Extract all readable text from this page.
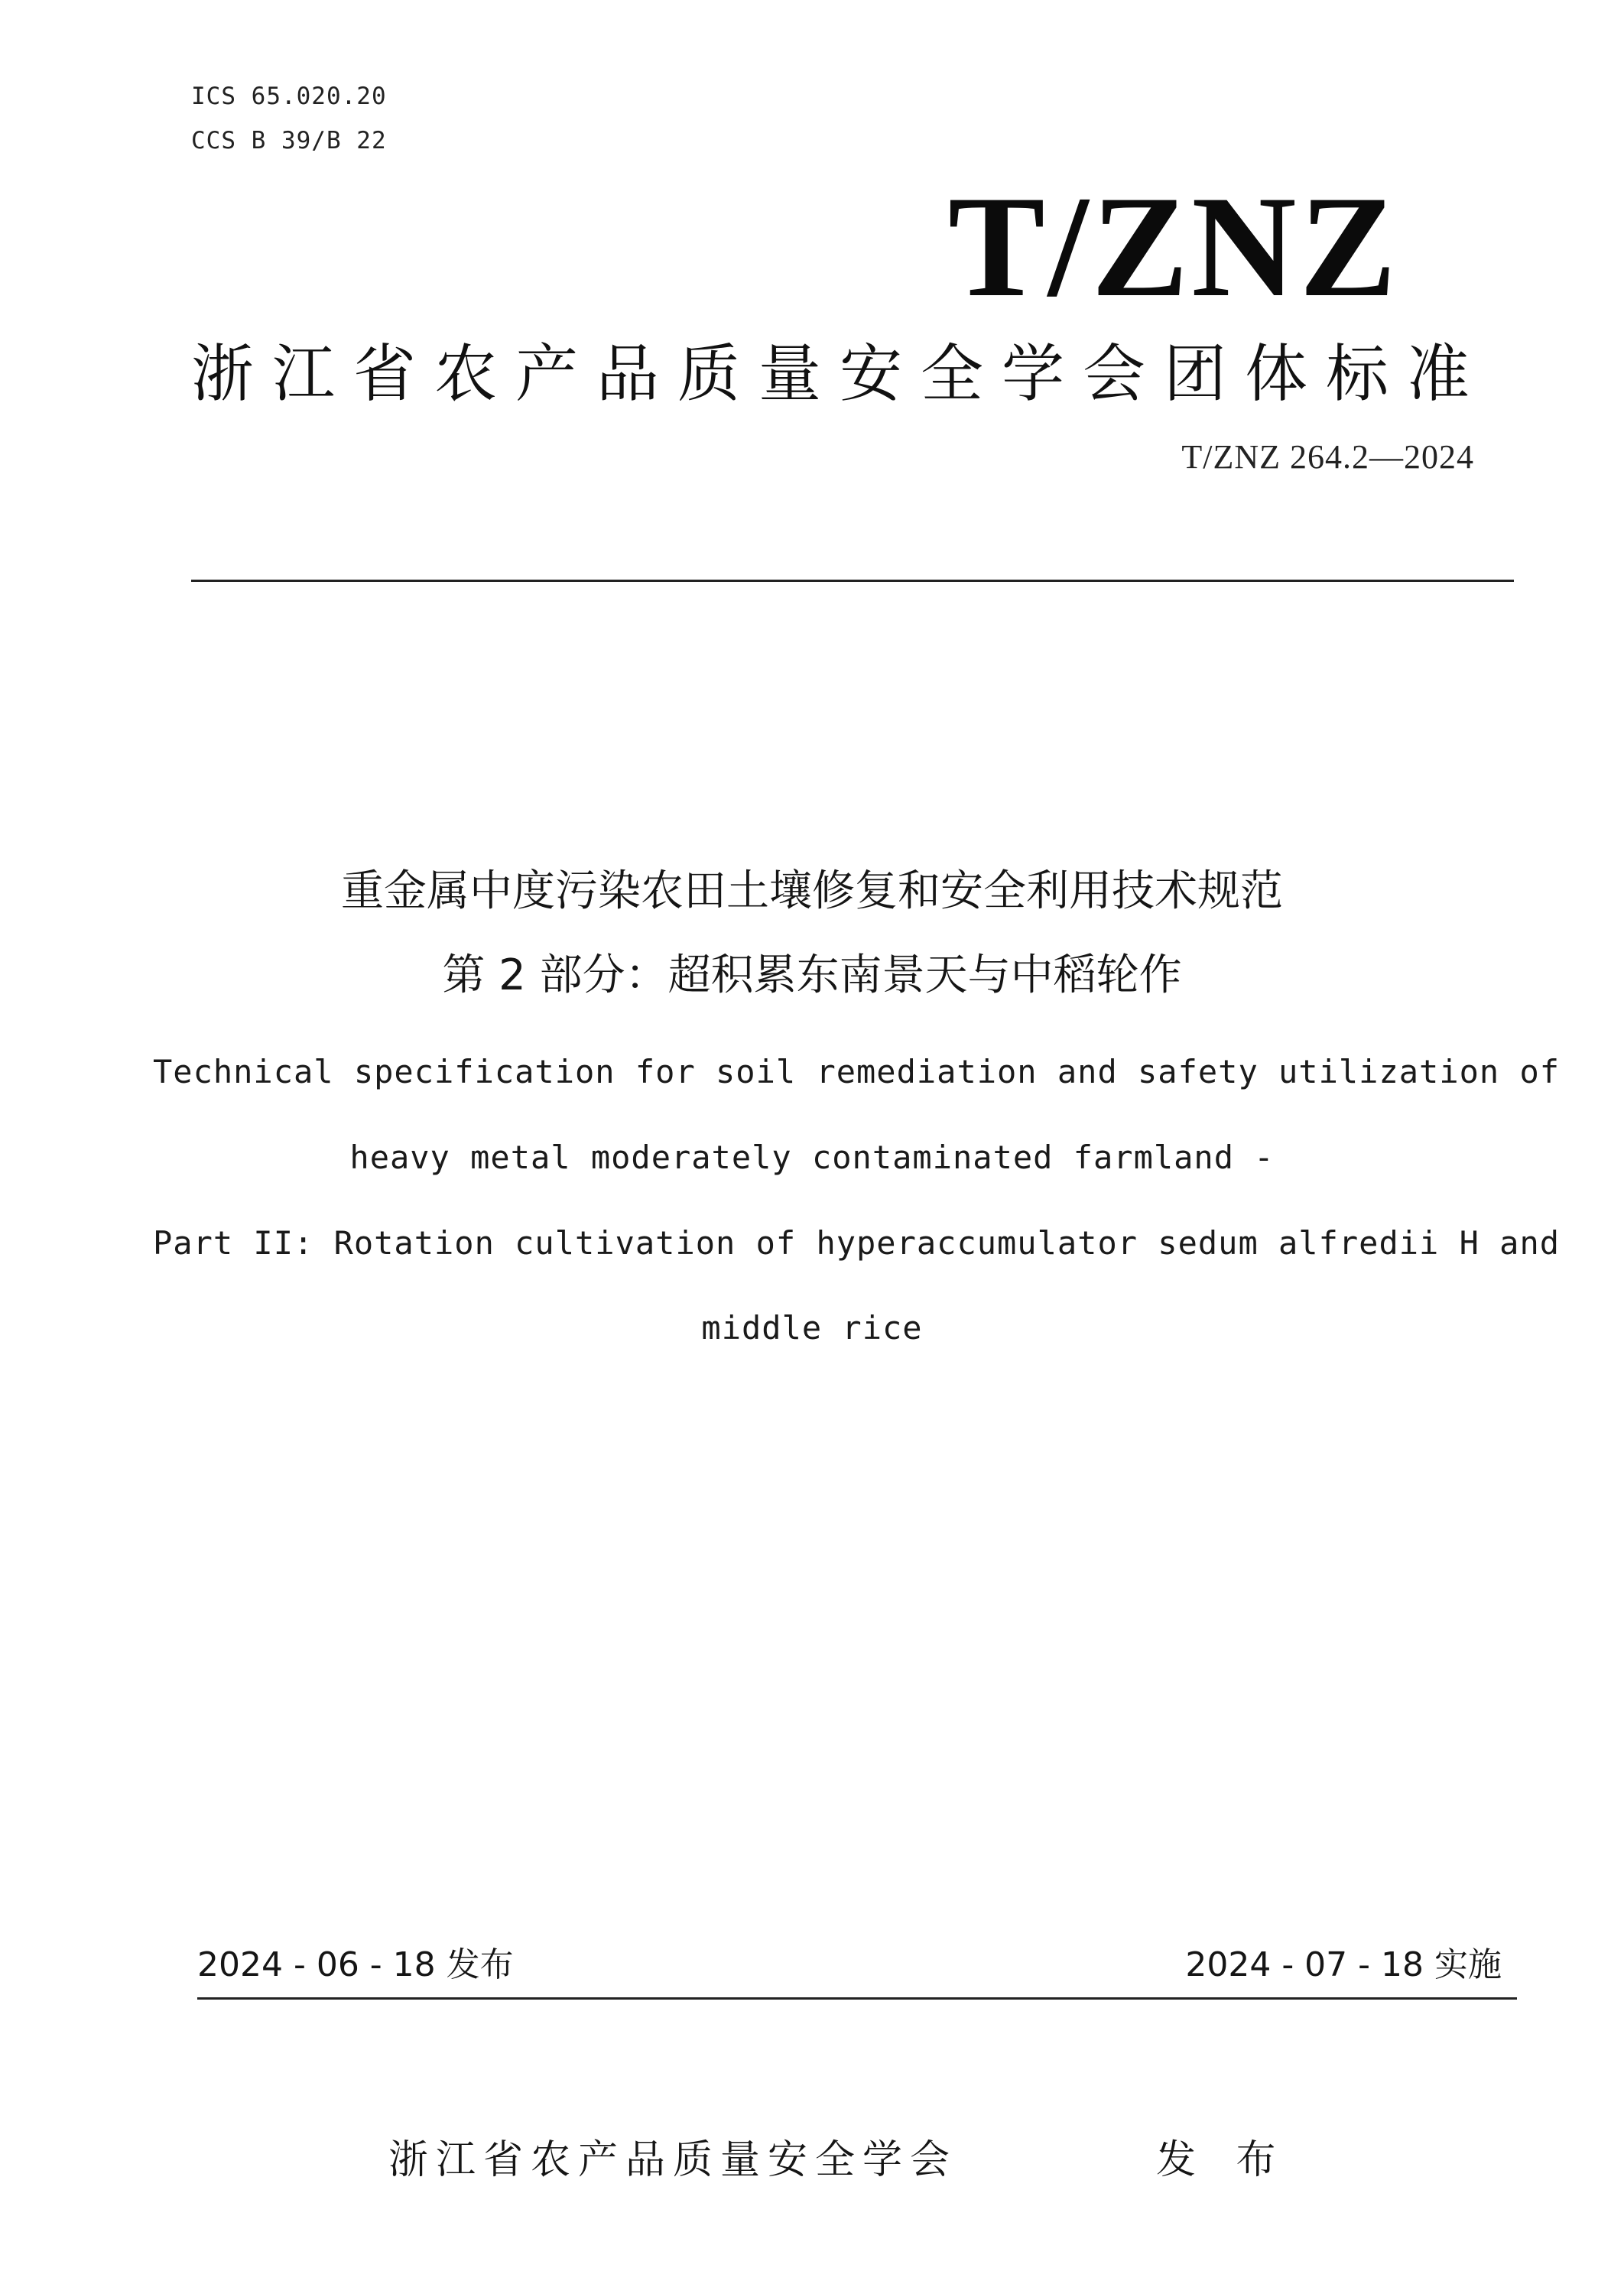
ICS 65.020.20
CCS B 39/B 22
T/ZNZ
浙江省农产品质量安全学会团体标准
T/ZNZ 264.2—2024
重金属中度污染农田土壤修复和安全利用技术规范
第 2 部分：超积累东南景天与中稻轮作
Technical specification for soil remediation and safety utilization of
heavy metal moderately contaminated farmland -
Part II: Rotation cultivation of hyperaccumulator sedum alfredii H and
middle rice
2024 - 06 - 18 发布	2024 - 07 - 18 实施
浙江省农产品质量安全学会	发 布
